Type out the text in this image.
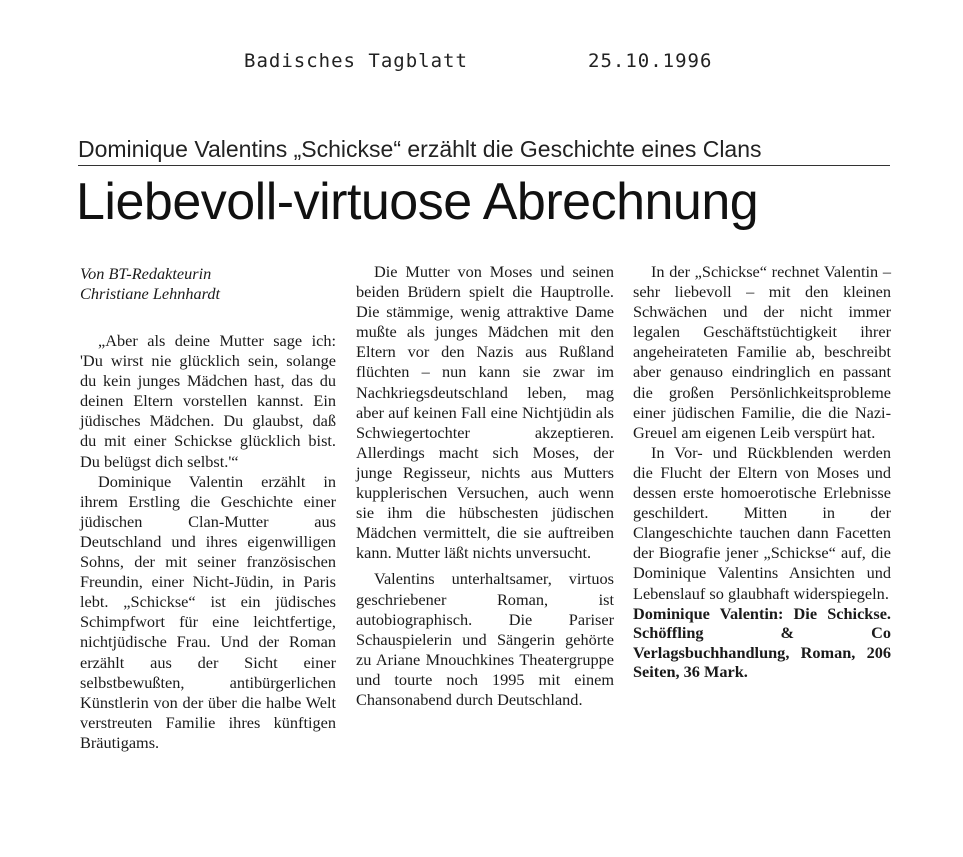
Badisches Tagblatt	25.10.1996
Dominique Valentins „Schickse“ erzählt die Geschichte eines Clans
Liebevoll-virtuose Abrechnung
Von BT-Redakteurin
Christiane Lehnhardt

„Aber als deine Mutter sage ich: 'Du wirst nie glücklich sein, solange du kein junges Mädchen hast, das du deinen Eltern vorstellen kannst. Ein jüdisches Mädchen. Du glaubst, daß du mit einer Schickse glücklich bist. Du belügst dich selbst.'“

Dominique Valentin erzählt in ihrem Erstling die Geschichte einer jüdischen Clan-Mutter aus Deutschland und ihres eigenwilligen Sohns, der mit seiner französischen Freundin, einer Nicht-Jüdin, in Paris lebt. „Schickse“ ist ein jüdisches Schimpfwort für eine leichtfertige, nichtjüdische Frau. Und der Roman erzählt aus der Sicht einer selbstbewußten, antibürgerlichen Künstlerin von der über die halbe Welt verstreuten Familie ihres künftigen Bräutigams.

Die Mutter von Moses und seinen beiden Brüdern spielt die Hauptrolle. Die stämmige, wenig attraktive Dame mußte als junges Mädchen mit den Eltern vor den Nazis aus Rußland flüchten – nun kann sie zwar im Nachkriegsdeutschland leben, mag aber auf keinen Fall eine Nichtjüdin als Schwiegertochter akzeptieren. Allerdings macht sich Moses, der junge Regisseur, nichts aus Mutters kupplerischen Versuchen, auch wenn sie ihm die hübschesten jüdischen Mädchen vermittelt, die sie auftreiben kann. Mutter läßt nichts unversucht.

Valentins unterhaltsamer, virtuos geschriebener Roman, ist autobiographisch. Die Pariser Schauspielerin und Sängerin gehörte zu Ariane Mnouchkines Theatergruppe und tourte noch 1995 mit einem Chansonabend durch Deutschland.

In der „Schickse“ rechnet Valentin – sehr liebevoll – mit den kleinen Schwächen und der nicht immer legalen Geschäftstüchtigkeit ihrer angeheirateten Familie ab, beschreibt aber genauso eindringlich en passant die großen Persönlichkeitsprobleme einer jüdischen Familie, die die Nazi-Greuel am eigenen Leib verspürt hat.

In Vor- und Rückblenden werden die Flucht der Eltern von Moses und dessen erste homoerotische Erlebnisse geschildert. Mitten in der Clangeschichte tauchen dann Facetten der Biografie jener „Schickse“ auf, die Dominique Valentins Ansichten und Lebenslauf so glaubhaft widerspiegeln.

Dominique Valentin: Die Schickse. Schöffling & Co Verlagsbuchhandlung, Roman, 206 Seiten, 36 Mark.
